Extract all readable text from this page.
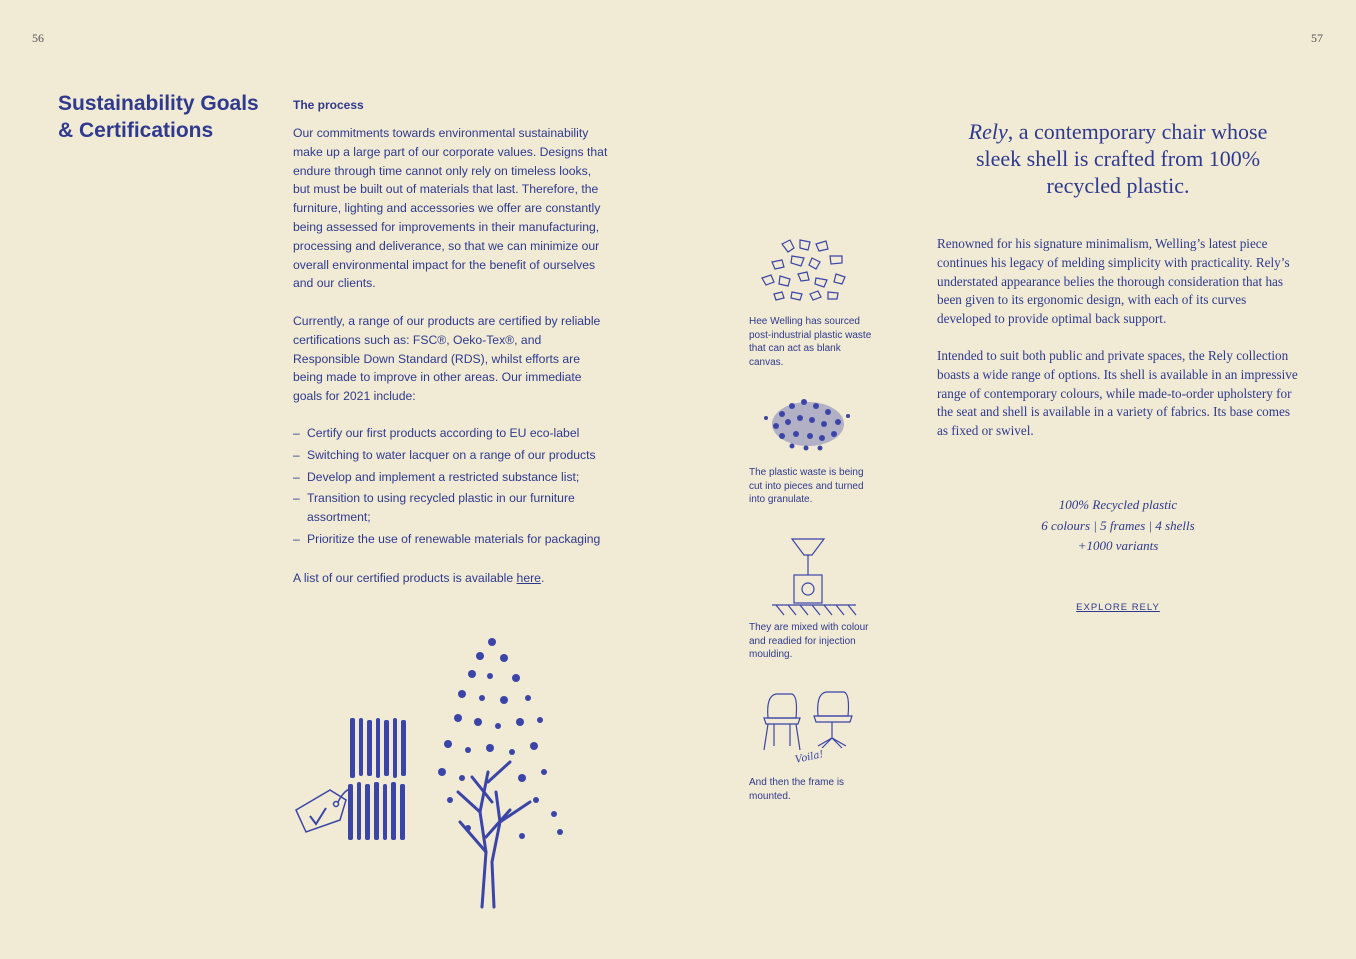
56	57
Sustainability Goals
& Certifications
The process
Our commitments towards environmental sustainability make up a large part of our corporate values. Designs that endure through time cannot only rely on timeless looks, but must be built out of materials that last. Therefore, the furniture, lighting and accessories we offer are constantly being assessed for improvements in their manufacturing, processing and deliverance, so that we can minimize our overall environmental impact for the benefit of ourselves and our clients.
Currently, a range of our products are certified by reliable certifications such as: FSC®, Oeko-Tex®, and Responsible Down Standard (RDS), whilst efforts are being made to improve in other areas. Our immediate goals for 2021 include:
– Certify our first products according to EU eco-label
– Switching to water lacquer on a range of our products
– Develop and implement a restricted substance list;
– Transition to using recycled plastic in our furniture assortment;
– Prioritize the use of renewable materials for packaging
A list of our certified products is available here.
Hee Welling has sourced post-industrial plastic waste that can act as blank canvas.
The plastic waste is being cut into pieces and turned into granulate.
They are mixed with colour and readied for injection moulding.
Voila!
And then the frame is mounted.
Rely, a contemporary chair whose sleek shell is crafted from 100% recycled plastic.
Renowned for his signature minimalism, Welling’s latest piece continues his legacy of melding simplicity with practicality. Rely’s understated appearance belies the thorough consideration that has been given to its ergonomic design, with each of its curves developed to provide optimal back support.
Intended to suit both public and private spaces, the Rely collection boasts a wide range of options. Its shell is available in an impressive range of contemporary colours, while made-to-order upholstery for the seat and shell is available in a variety of fabrics. Its base comes as fixed or swivel.
100% Recycled plastic
6 colours | 5 frames | 4 shells
+1000 variants
EXPLORE RELY
